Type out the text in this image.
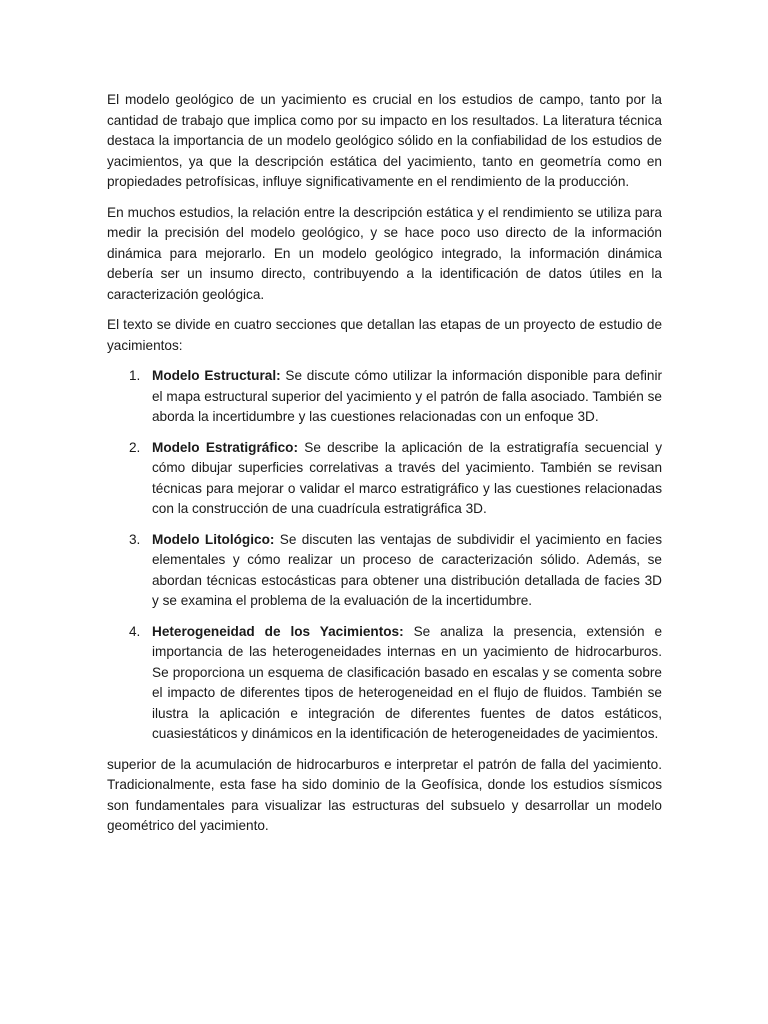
El modelo geológico de un yacimiento es crucial en los estudios de campo, tanto por la cantidad de trabajo que implica como por su impacto en los resultados. La literatura técnica destaca la importancia de un modelo geológico sólido en la confiabilidad de los estudios de yacimientos, ya que la descripción estática del yacimiento, tanto en geometría como en propiedades petrofísicas, influye significativamente en el rendimiento de la producción.

En muchos estudios, la relación entre la descripción estática y el rendimiento se utiliza para medir la precisión del modelo geológico, y se hace poco uso directo de la información dinámica para mejorarlo. En un modelo geológico integrado, la información dinámica debería ser un insumo directo, contribuyendo a la identificación de datos útiles en la caracterización geológica.

El texto se divide en cuatro secciones que detallan las etapas de un proyecto de estudio de yacimientos:

1. Modelo Estructural: Se discute cómo utilizar la información disponible para definir el mapa estructural superior del yacimiento y el patrón de falla asociado. También se aborda la incertidumbre y las cuestiones relacionadas con un enfoque 3D.
2. Modelo Estratigráfico: Se describe la aplicación de la estratigrafía secuencial y cómo dibujar superficies correlativas a través del yacimiento. También se revisan técnicas para mejorar o validar el marco estratigráfico y las cuestiones relacionadas con la construcción de una cuadrícula estratigráfica 3D.
3. Modelo Litológico: Se discuten las ventajas de subdividir el yacimiento en facies elementales y cómo realizar un proceso de caracterización sólido. Además, se abordan técnicas estocásticas para obtener una distribución detallada de facies 3D y se examina el problema de la evaluación de la incertidumbre.
4. Heterogeneidad de los Yacimientos: Se analiza la presencia, extensión e importancia de las heterogeneidades internas en un yacimiento de hidrocarburos. Se proporciona un esquema de clasificación basado en escalas y se comenta sobre el impacto de diferentes tipos de heterogeneidad en el flujo de fluidos. También se ilustra la aplicación e integración de diferentes fuentes de datos estáticos, cuasiestáticos y dinámicos en la identificación de heterogeneidades de yacimientos.

superior de la acumulación de hidrocarburos e interpretar el patrón de falla del yacimiento. Tradicionalmente, esta fase ha sido dominio de la Geofísica, donde los estudios sísmicos son fundamentales para visualizar las estructuras del subsuelo y desarrollar un modelo geométrico del yacimiento.
